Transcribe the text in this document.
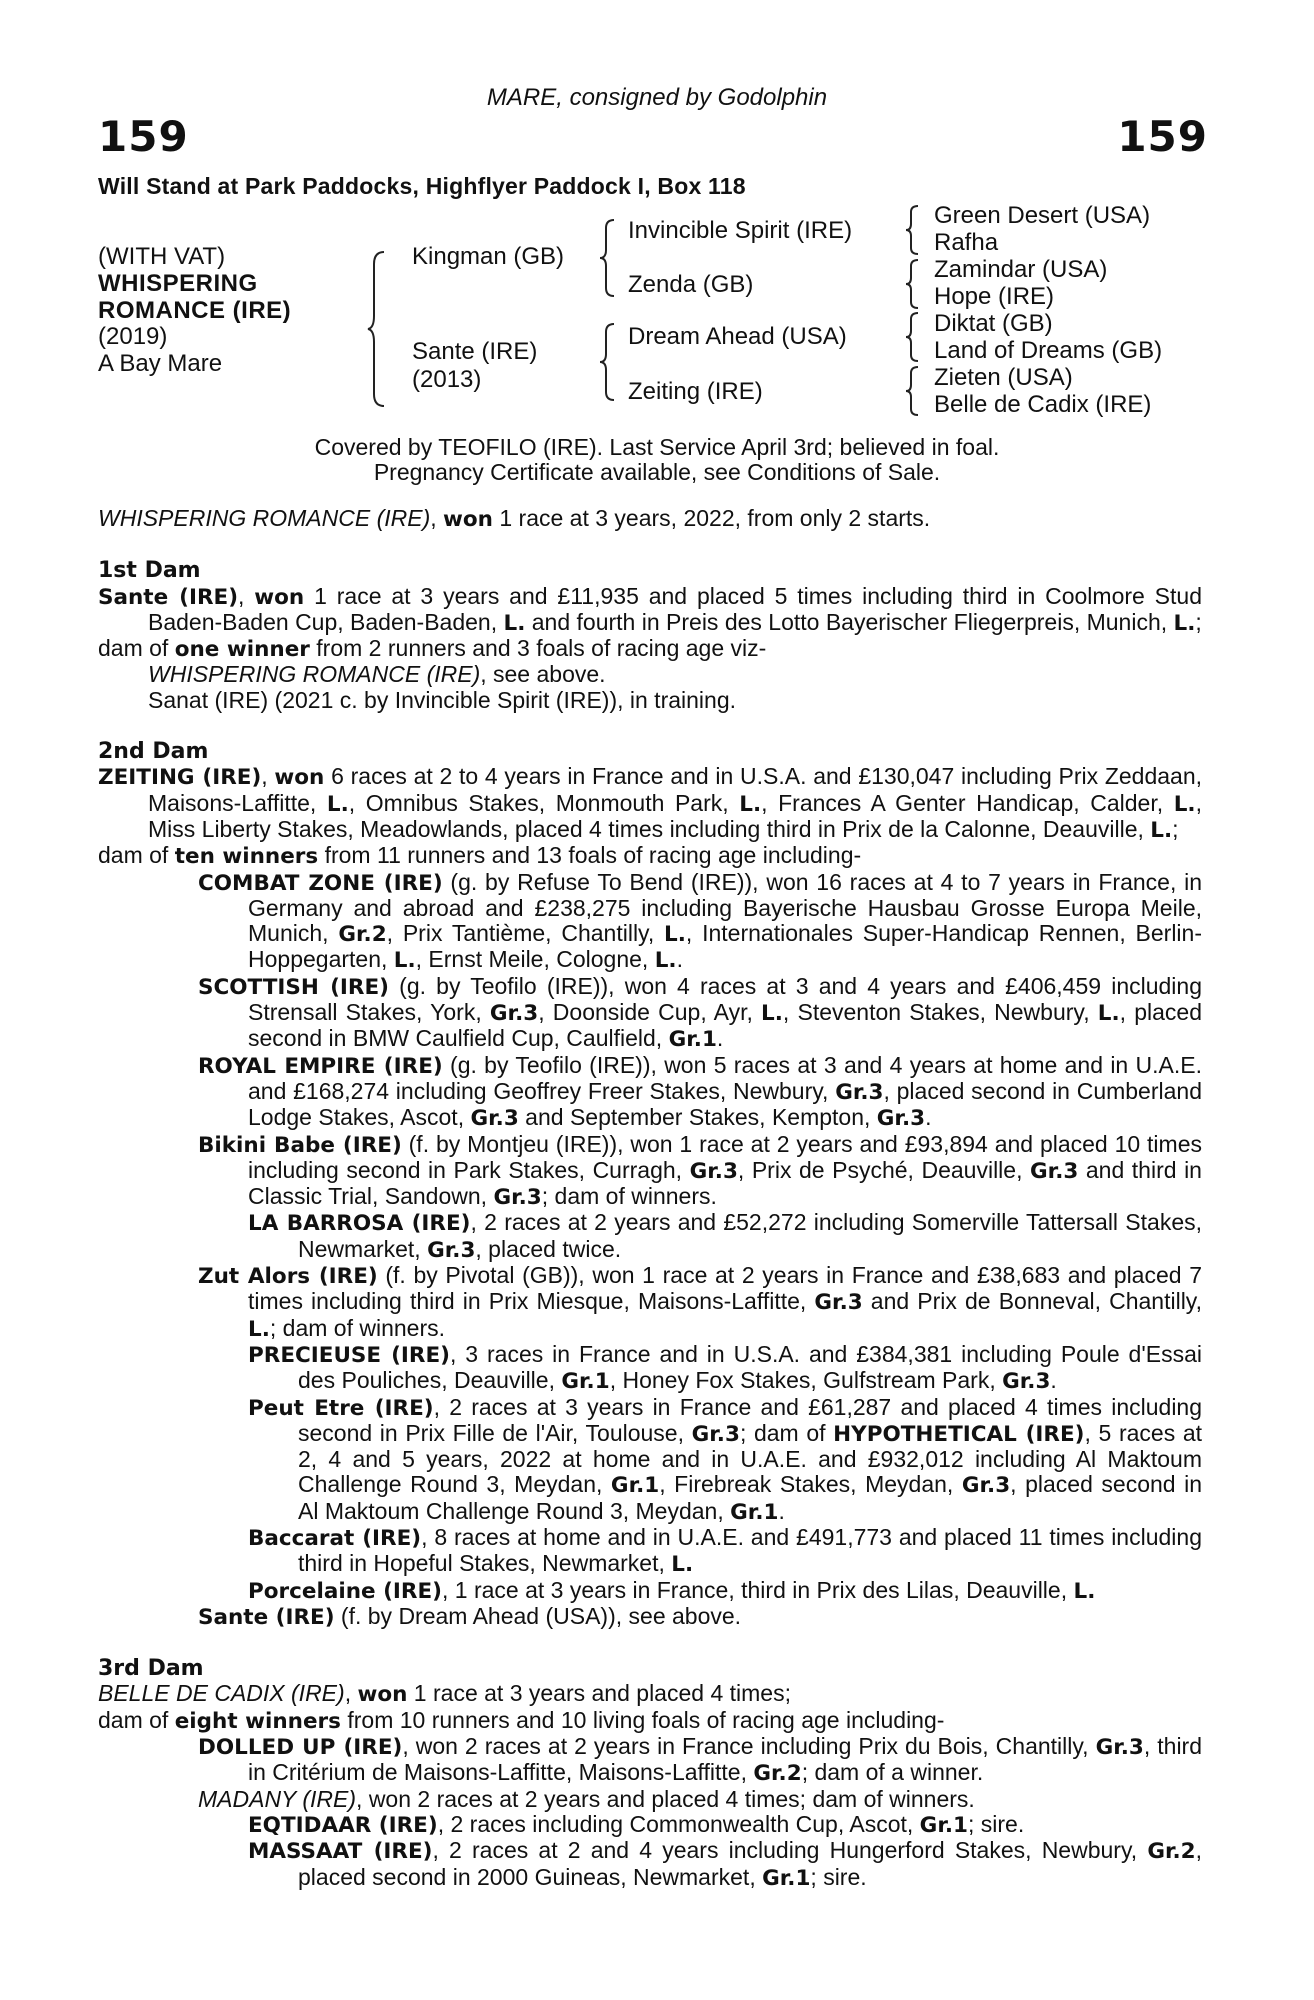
MARE, consigned by Godolphin
159	159
Will Stand at Park Paddocks, Highflyer Paddock I, Box 118
(WITH VAT)
WHISPERING
ROMANCE (IRE)
(2019)
A Bay Mare
Kingman (GB)
Sante (IRE)
(2013)
Invincible Spirit (IRE)
Zenda (GB)
Dream Ahead (USA)
Zeiting (IRE)
Green Desert (USA)
Rafha
Zamindar (USA)
Hope (IRE)
Diktat (GB)
Land of Dreams (GB)
Zieten (USA)
Belle de Cadix (IRE)
Covered by TEOFILO (IRE). Last Service April 3rd; believed in foal.
Pregnancy Certificate available, see Conditions of Sale.

WHISPERING ROMANCE (IRE), won 1 race at 3 years, 2022, from only 2 starts.

1st Dam

Sante (IRE), won 1 race at 3 years and £11,935 and placed 5 times including third in Coolmore Stud Baden-Baden Cup, Baden-Baden, L. and fourth in Preis des Lotto Bayerischer Fliegerpreis, Munich, L.;

dam of one winner from 2 runners and 3 foals of racing age viz-

WHISPERING ROMANCE (IRE), see above.

Sanat (IRE) (2021 c. by Invincible Spirit (IRE)), in training.

2nd Dam

ZEITING (IRE), won 6 races at 2 to 4 years in France and in U.S.A. and £130,047 including Prix Zeddaan, Maisons-Laffitte, L., Omnibus Stakes, Monmouth Park, L., Frances A Genter Handicap, Calder, L., Miss Liberty Stakes, Meadowlands, placed 4 times including third in Prix de la Calonne, Deauville, L.;

dam of ten winners from 11 runners and 13 foals of racing age including-

COMBAT ZONE (IRE) (g. by Refuse To Bend (IRE)), won 16 races at 4 to 7 years in France, in Germany and abroad and £238,275 including Bayerische Hausbau Grosse Europa Meile, Munich, Gr.2, Prix Tantième, Chantilly, L., Internationales Super-Handicap Rennen, Berlin-Hoppegarten, L., Ernst Meile, Cologne, L..

SCOTTISH (IRE) (g. by Teofilo (IRE)), won 4 races at 3 and 4 years and £406,459 including Strensall Stakes, York, Gr.3, Doonside Cup, Ayr, L., Steventon Stakes, Newbury, L., placed second in BMW Caulfield Cup, Caulfield, Gr.1.

ROYAL EMPIRE (IRE) (g. by Teofilo (IRE)), won 5 races at 3 and 4 years at home and in U.A.E. and £168,274 including Geoffrey Freer Stakes, Newbury, Gr.3, placed second in Cumberland Lodge Stakes, Ascot, Gr.3 and September Stakes, Kempton, Gr.3.

Bikini Babe (IRE) (f. by Montjeu (IRE)), won 1 race at 2 years and £93,894 and placed 10 times including second in Park Stakes, Curragh, Gr.3, Prix de Psyché, Deauville, Gr.3 and third in Classic Trial, Sandown, Gr.3; dam of winners.

LA BARROSA (IRE), 2 races at 2 years and £52,272 including Somerville Tattersall Stakes, Newmarket, Gr.3, placed twice.

Zut Alors (IRE) (f. by Pivotal (GB)), won 1 race at 2 years in France and £38,683 and placed 7 times including third in Prix Miesque, Maisons-Laffitte, Gr.3 and Prix de Bonneval, Chantilly, L.; dam of winners.

PRECIEUSE (IRE), 3 races in France and in U.S.A. and £384,381 including Poule d'Essai des Pouliches, Deauville, Gr.1, Honey Fox Stakes, Gulfstream Park, Gr.3.

Peut Etre (IRE), 2 races at 3 years in France and £61,287 and placed 4 times including second in Prix Fille de l'Air, Toulouse, Gr.3; dam of HYPOTHETICAL (IRE), 5 races at 2, 4 and 5 years, 2022 at home and in U.A.E. and £932,012 including Al Maktoum Challenge Round 3, Meydan, Gr.1, Firebreak Stakes, Meydan, Gr.3, placed second in Al Maktoum Challenge Round 3, Meydan, Gr.1.

Baccarat (IRE), 8 races at home and in U.A.E. and £491,773 and placed 11 times including third in Hopeful Stakes, Newmarket, L.

Porcelaine (IRE), 1 race at 3 years in France, third in Prix des Lilas, Deauville, L.

Sante (IRE) (f. by Dream Ahead (USA)), see above.

3rd Dam

BELLE DE CADIX (IRE), won 1 race at 3 years and placed 4 times;

dam of eight winners from 10 runners and 10 living foals of racing age including-

DOLLED UP (IRE), won 2 races at 2 years in France including Prix du Bois, Chantilly, Gr.3, third in Critérium de Maisons-Laffitte, Maisons-Laffitte, Gr.2; dam of a winner.

MADANY (IRE), won 2 races at 2 years and placed 4 times; dam of winners.

EQTIDAAR (IRE), 2 races including Commonwealth Cup, Ascot, Gr.1; sire.

MASSAAT (IRE), 2 races at 2 and 4 years including Hungerford Stakes, Newbury, Gr.2, placed second in 2000 Guineas, Newmarket, Gr.1; sire.
